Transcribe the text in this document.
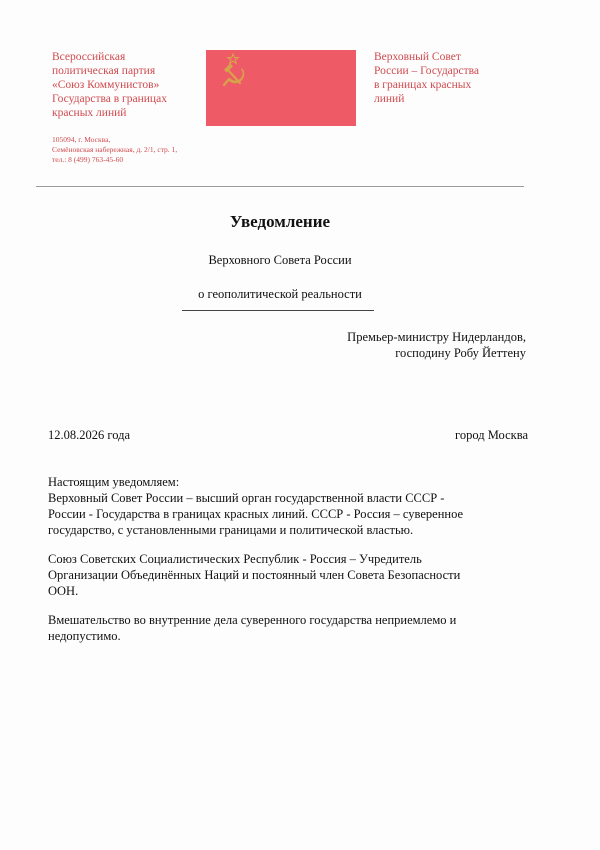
Всероссийская
политическая партия
«Союз Коммунистов»
Государства в границах
красных линий
105094, г. Москва,
Семёновская набережная, д. 2/1, стр. 1,
тел.: 8 (499) 763-45-60
Верховный Совет
России – Государства
в границах красных
линий
Уведомление
Верховного Совета России
о геополитической реальности
Премьер-министру Нидерландов,
господину Робу Йеттену
12.08.2026 года	город Москва
Настоящим уведомляем:
Верховный Совет России – высший орган государственной власти СССР -
России - Государства в границах красных линий. СССР - Россия – суверенное
государство, с установленными границами и политической властью.
Союз Советских Социалистических Республик - Россия – Учредитель
Организации Объединённых Наций и постоянный член Совета Безопасности
ООН.
Вмешательство во внутренние дела суверенного государства неприемлемо и
недопустимо.
